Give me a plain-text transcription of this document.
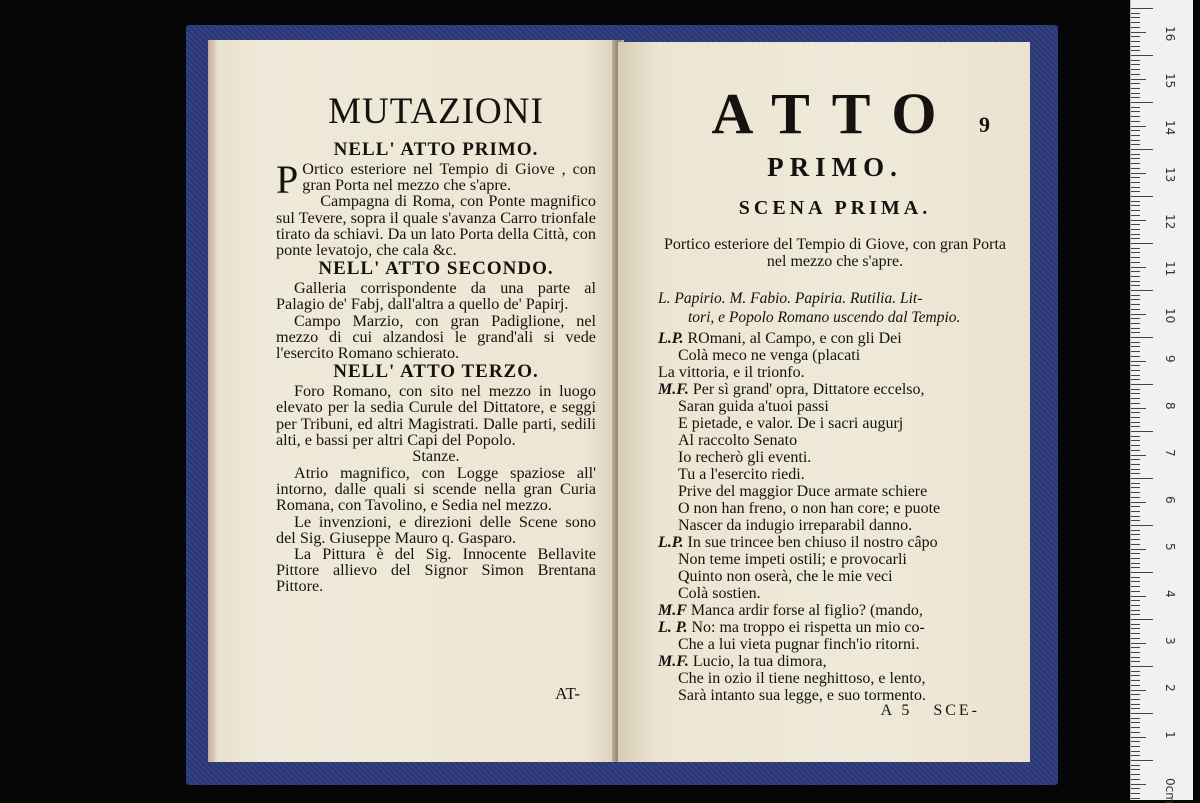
MUTAZIONI
NELL' ATTO PRIMO.

P Ortico esteriore nel Tempio di Giove , con gran Porta nel mezzo che s'apre.

Campagna di Roma, con Ponte magnifico sul Tevere, sopra il quale s'avanza Carro trionfale tirato da schiavi. Da un lato Porta della Città, con ponte levatojo, che cala &c.

NELL' ATTO SECONDO.

Galleria corrispondente da una parte al Palagio de' Fabj, dall'altra a quello de' Papirj.

Campo Marzio, con gran Padiglione, nel mezzo di cui alzandosi le grand'ali si vede l'esercito Romano schierato.

NELL' ATTO TERZO.

Foro Romano, con sito nel mezzo in luogo elevato per la sedia Curule del Dittatore, e seggi per Tribuni, ed altri Magistrati. Dalle parti, sedili alti, e bassi per altri Capi del Popolo.

Stanze.

Atrio magnifico, con Logge spaziose all' intorno, dalle quali si scende nella gran Curia Romana, con Tavolino, e Sedia nel mezzo.

Le invenzioni, e direzioni delle Scene sono del Sig. Giuseppe Mauro q. Gasparo.

La Pittura è del Sig. Innocente Bellavite Pittore allievo del Signor Simon Brentana Pittore.

AT-
9
ATTO
PRIMO.
SCENA PRIMA.

Portico esteriore del Tempio di Giove, con gran Porta nel mezzo che s'apre.

L. Papirio. M. Fabio. Papiria. Rutilia. Lit-

tori, e Popolo Romano uscendo dal Tempio.

L.P. ROmani, al Campo, e con gli Dei

Colà meco ne venga (placati

La vittoria, e il trionfo.

M.F. Per sì grand' opra, Dittatore eccelso,

Saran guida a'tuoi passi

E pietade, e valor. De i sacri augurj

Al raccolto Senato

Io recherò gli eventi.

Tu a l'esercito riedi.

Prive del maggior Duce armate schiere

O non han freno, o non han core; e puote

Nascer da indugio irreparabil danno.

L.P. In sue trincee ben chiuso il nostro câpo

Non teme impeti ostili; e provocarli

Quinto non oserà, che le mie veci

Colà sostien.

M.F Manca ardir forse al figlio? (mando,

L. P. No: ma troppo ei rispetta un mio co-

Che a lui vieta pugnar finch'io ritorni.

M.F. Lucio, la tua dimora,

Che in ozio il tiene neghittoso, e lento,

Sarà intanto sua legge, e suo tormento.

A 5 SCE-
16
15
14
13
12
11
10
9
8
7
6
5
4
3
2
1
0cm
